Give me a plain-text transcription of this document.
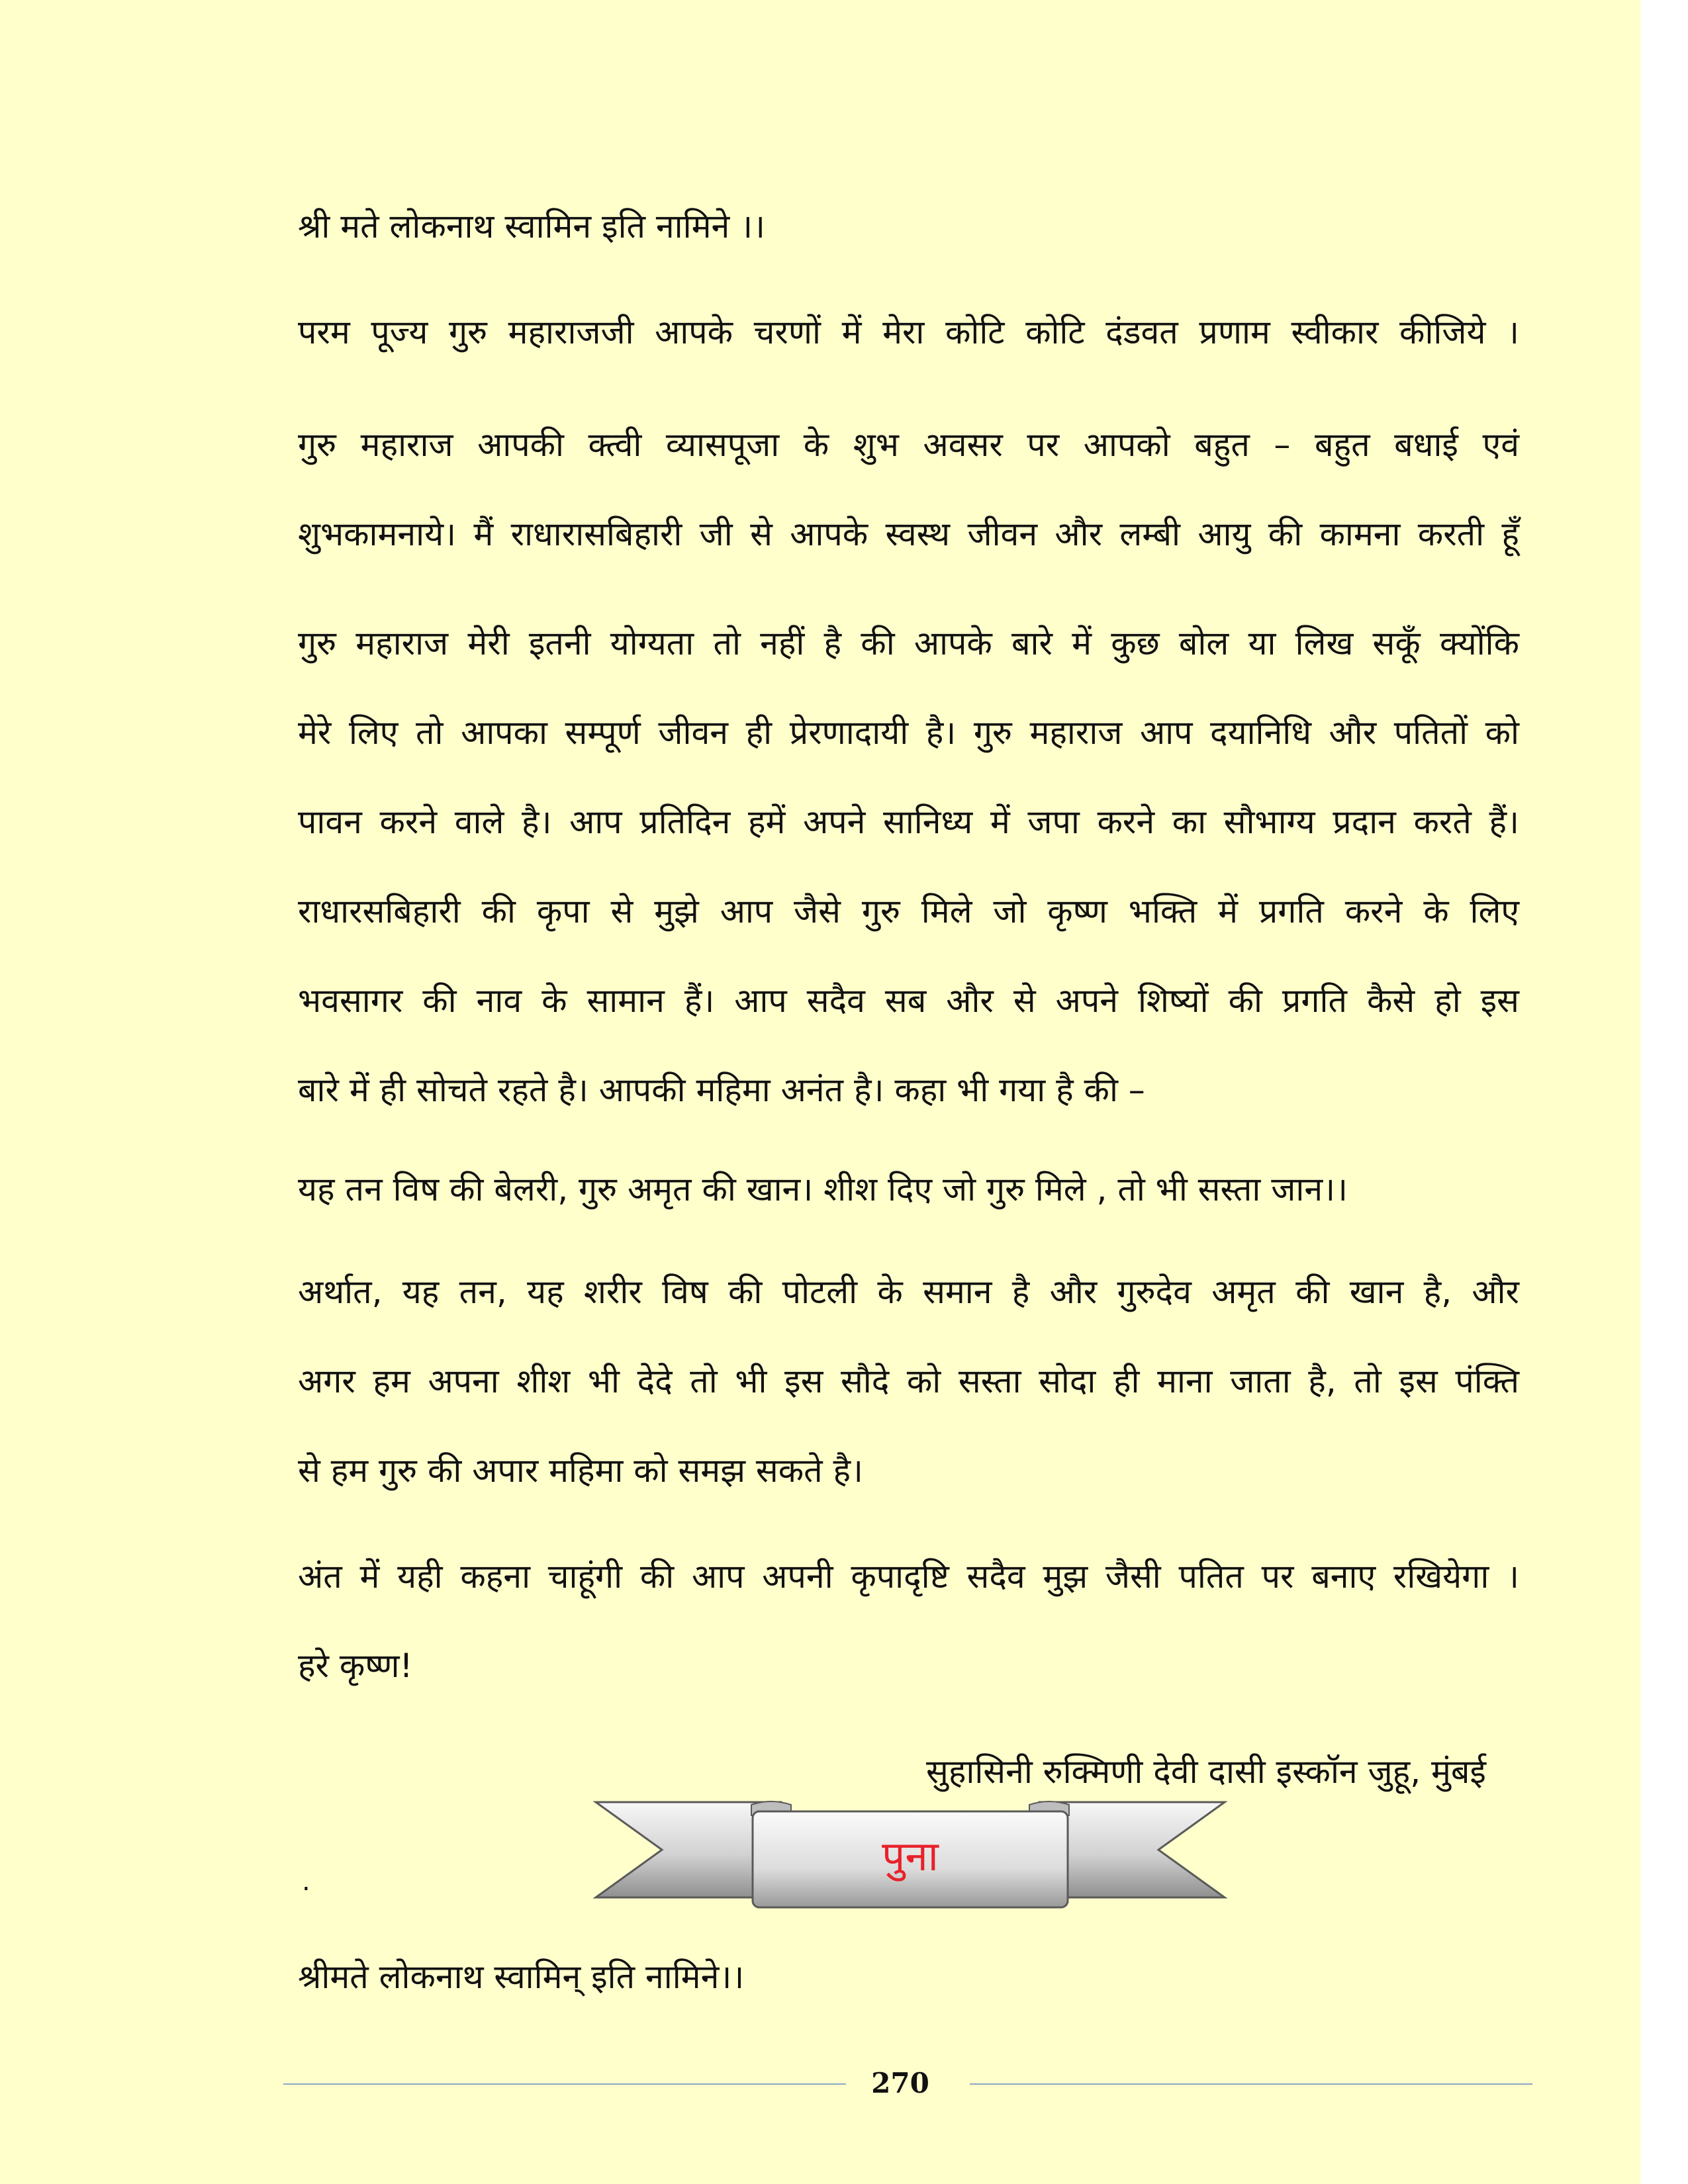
श्री मते लोकनाथ स्वामिन इति नामिने ।।
परम पूज्य गुरु महाराजजी आपके चरणों में मेरा कोटि कोटि दंडवत प्रणाम स्वीकार कीजिये ।
गुरु महाराज आपकी क्त्वी व्यासपूजा के शुभ अवसर पर आपको बहुत – बहुत बधाई एवं
शुभकामनाये। मैं राधारासबिहारी जी से आपके स्वस्थ जीवन और लम्बी आयु की कामना करती हूँ
गुरु महाराज मेरी इतनी योग्यता तो नहीं है की आपके बारे में कुछ बोल या लिख सकूँ क्योंकि
मेरे लिए तो आपका सम्पूर्ण जीवन ही प्रेरणादायी है। गुरु महाराज आप दयानिधि और पतितों को
पावन करने वाले है। आप प्रतिदिन हमें अपने सानिध्य में जपा करने का सौभाग्य प्रदान करते हैं।
राधारसबिहारी की कृपा से मुझे आप जैसे गुरु मिले जो कृष्ण भक्ति में प्रगति करने के लिए
भवसागर की नाव के सामान हैं। आप सदैव सब और से अपने शिष्यों की प्रगति कैसे हो इस
बारे में ही सोचते रहते है। आपकी महिमा अनंत है। कहा भी गया है की –
यह तन विष की बेलरी, गुरु अमृत की खान। शीश दिए जो गुरु मिले , तो भी सस्ता जान।।
अर्थात, यह तन, यह शरीर विष की पोटली के समान है और गुरुदेव अमृत की खान है, और
अगर हम अपना शीश भी देदे तो भी इस सौदे को सस्ता सोदा ही माना जाता है, तो इस पंक्ति
से हम गुरु की अपार महिमा को समझ सकते है।
अंत में यही कहना चाहूंगी की आप अपनी कृपादृष्टि सदैव मुझ जैसी पतित पर बनाए रखियेगा ।
हरे कृष्ण!
सुहासिनी रुक्मिणी देवी दासी इस्कॉन जुहू, मुंबई
.
पुना
श्रीमते लोकनाथ स्वामिन् इति नामिने।।
270
